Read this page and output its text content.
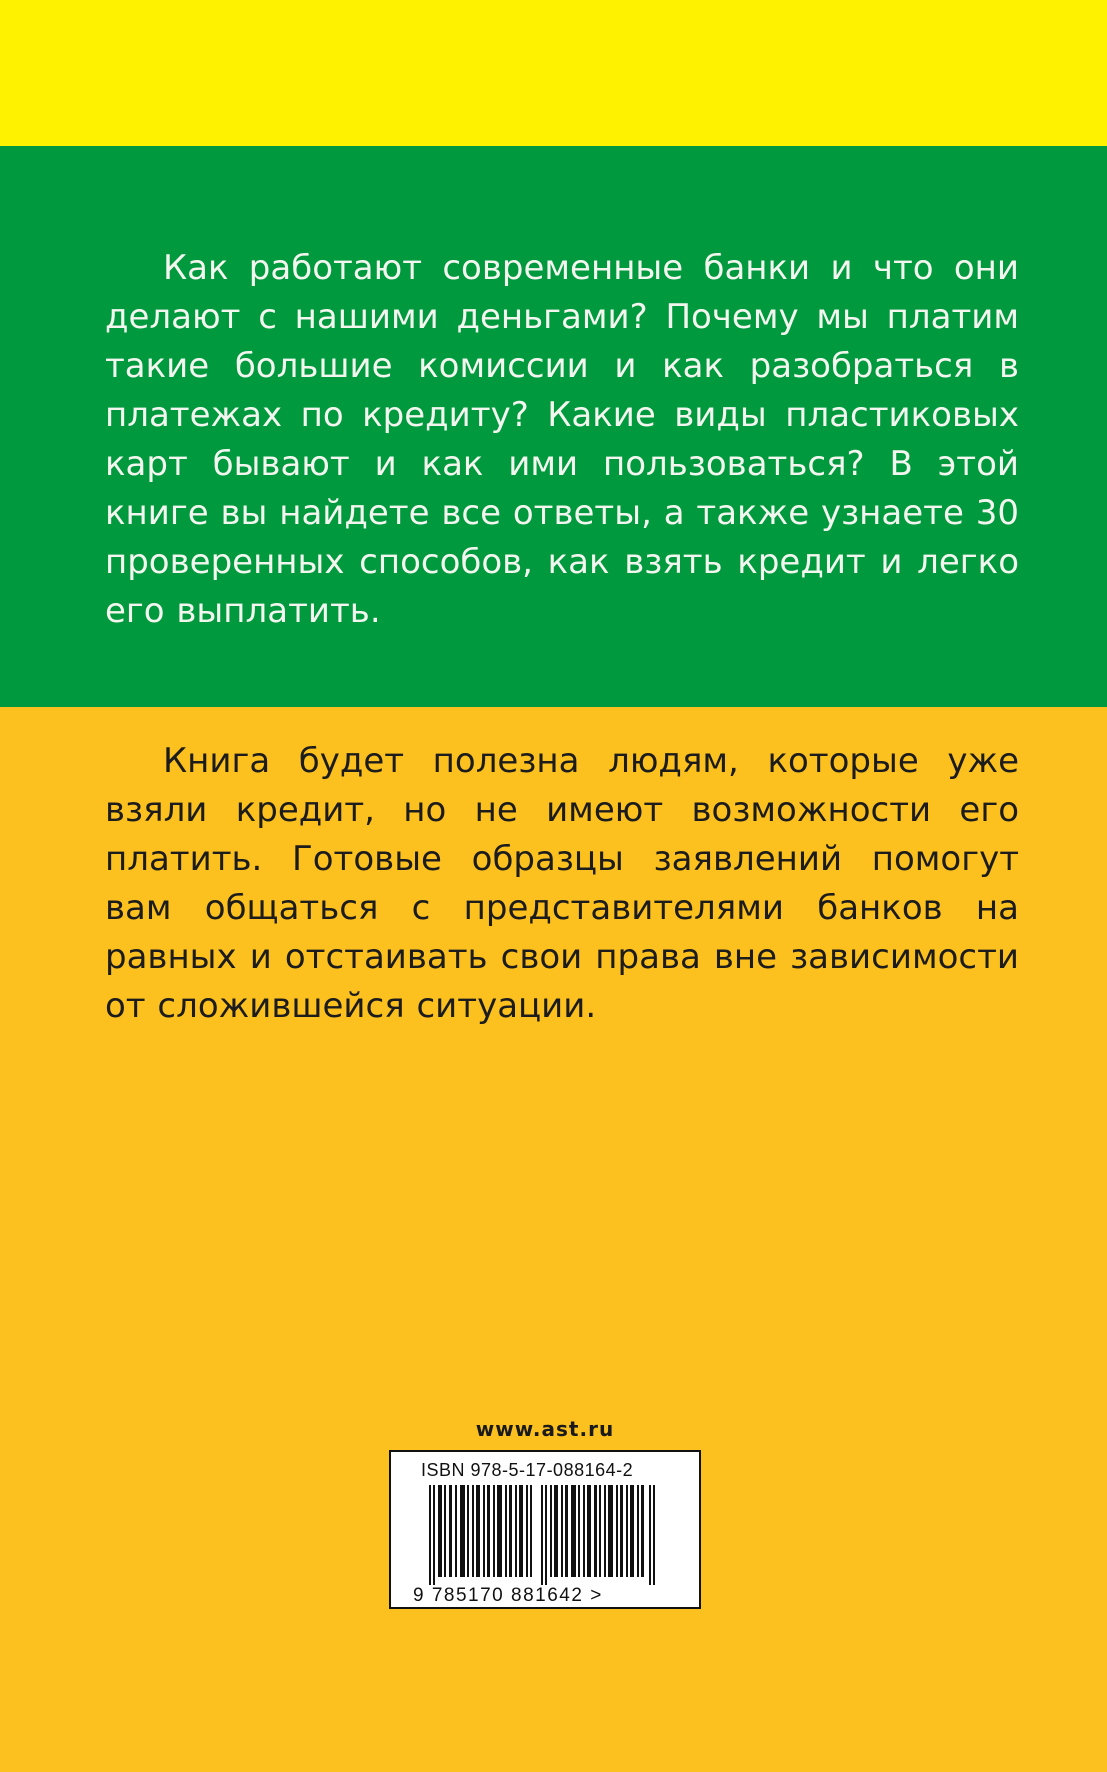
Как работают современные банки и что они делают с нашими деньгами? Почему мы платим такие большие комиссии и как разобраться в платежах по кредиту? Какие виды пластиковых карт бывают и как ими пользоваться? В этой книге вы найдете все ответы, а также узнаете 30 проверенных способов, как взять кредит и легко его выплатить.

Книга будет полезна людям, которые уже взяли кредит, но не имеют возможности его платить. Готовые образцы заявлений помогут вам общаться с представителями банков на равных и отстаивать свои права вне зависимости от сложившейся ситуации.

www.ast.ru
ISBN 978-5-17-088164-2
9 785170 881642 >
